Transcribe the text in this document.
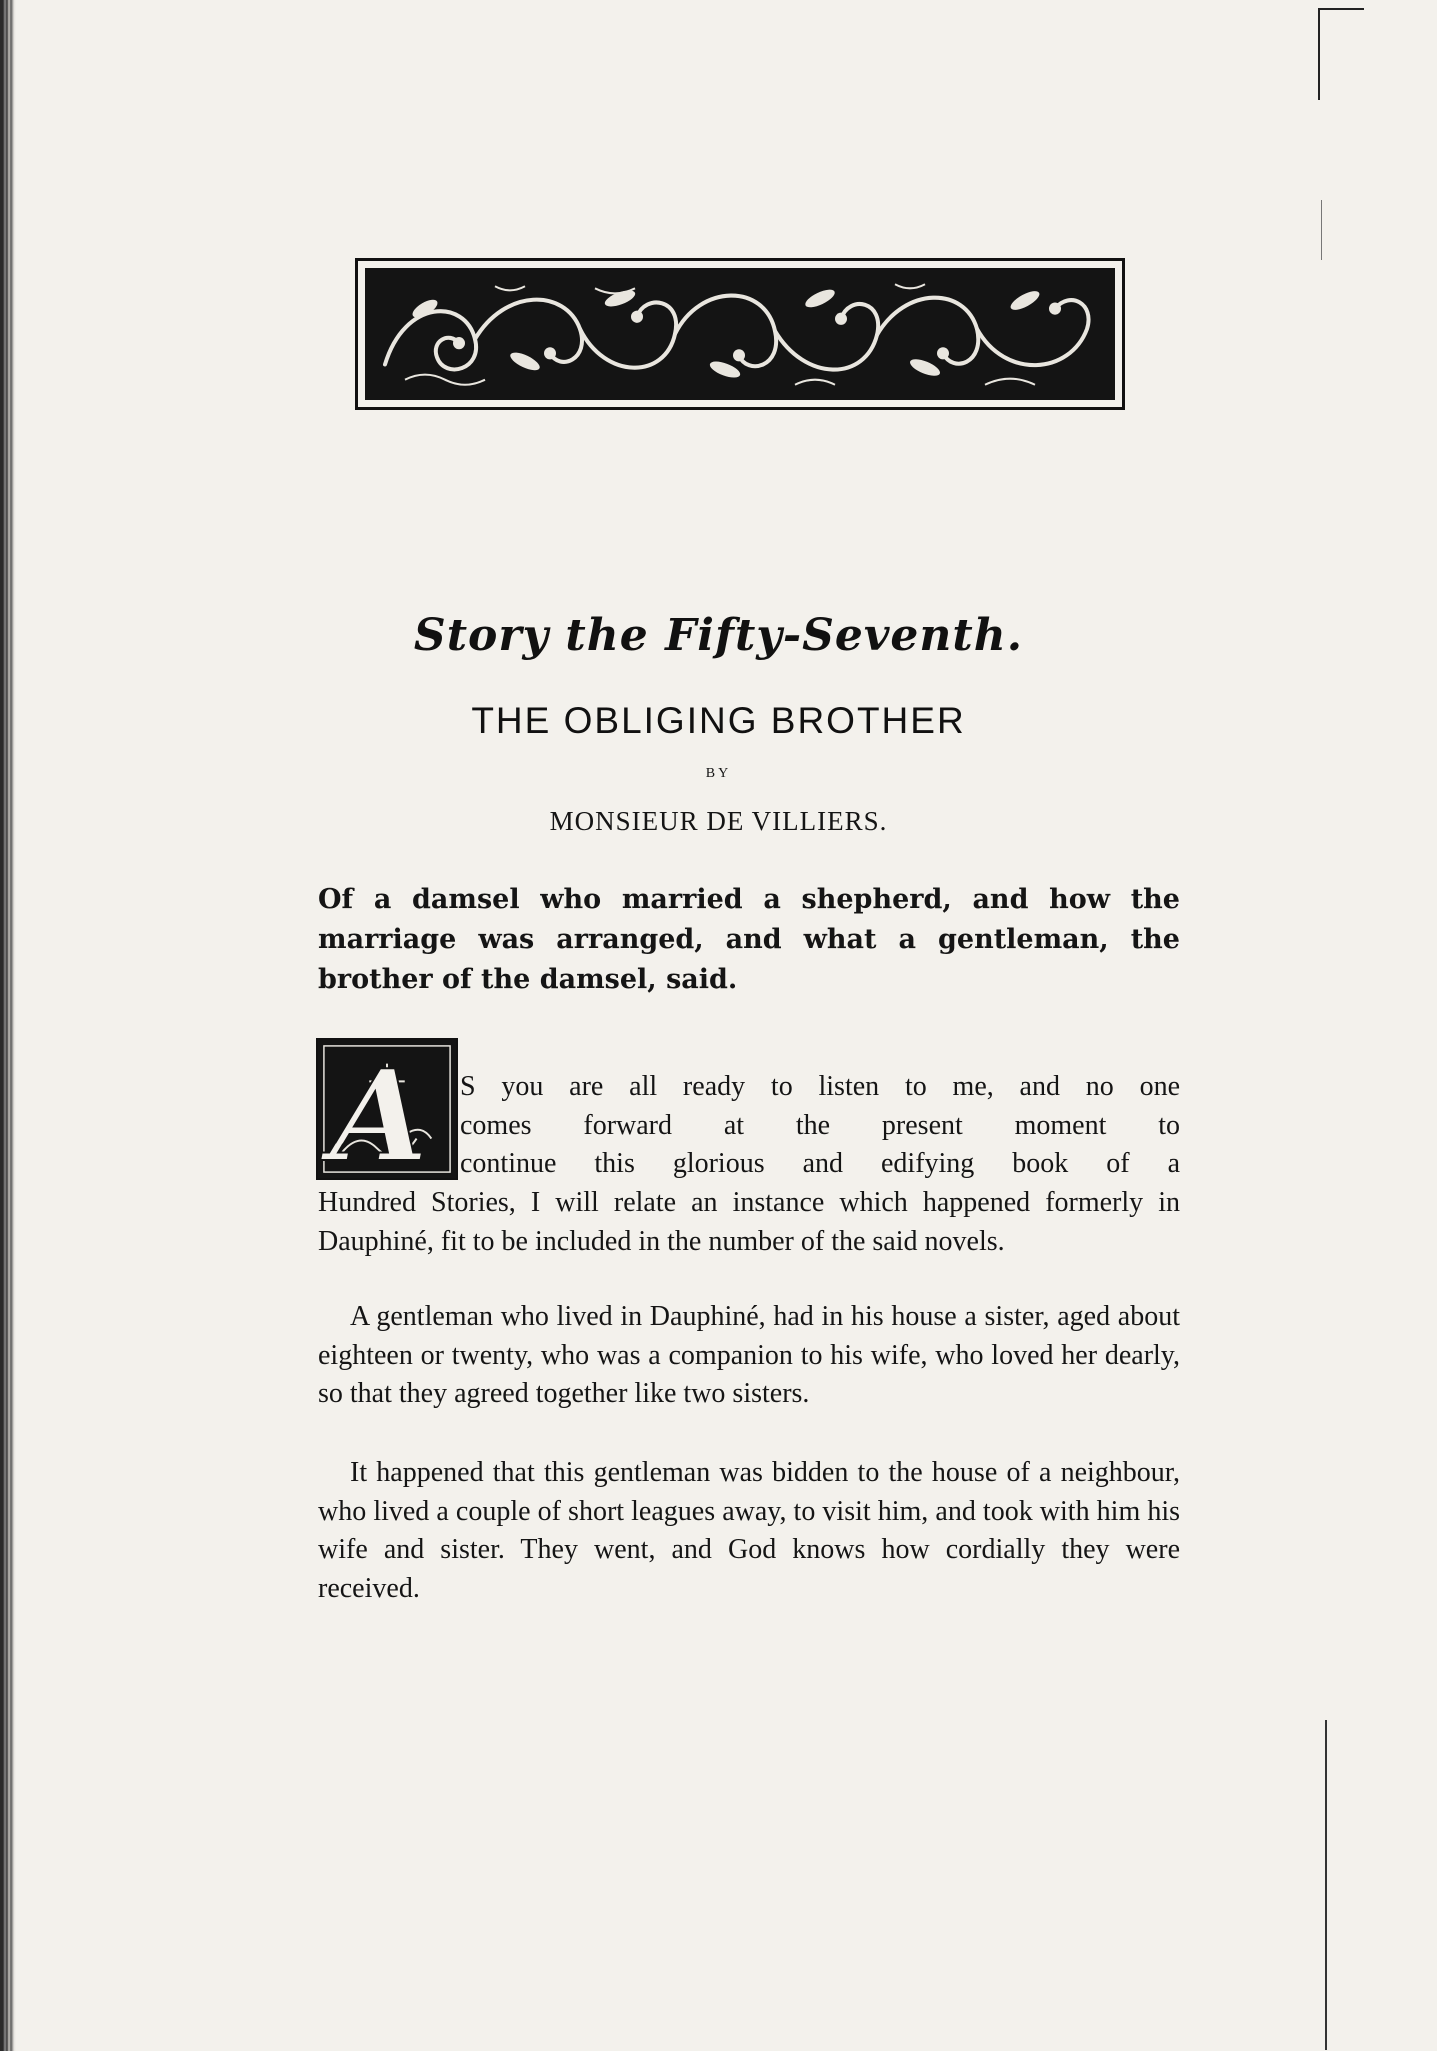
Story the Fifty-Seventh.
THE OBLIGING BROTHER
BY
MONSIEUR DE VILLIERS.

Of a damsel who married a shepherd, and how the marriage was arranged, and what a gentleman, the brother of the damsel, said.

A	S you are all ready to listen to me, and no one
comes forward at the present moment to
continue this glorious and edifying book of a
Hundred Stories, I will relate an instance which happened formerly in Dauphiné, fit to be included in the number of the said novels.

A gentleman who lived in Dauphiné, had in his house a sister, aged about eighteen or twenty, who was a companion to his wife, who loved her dearly, so that they agreed together like two sisters.

It happened that this gentleman was bidden to the house of a neighbour, who lived a couple of short leagues away, to visit him, and took with him his wife and sister. They went, and God knows how cordially they were received.
